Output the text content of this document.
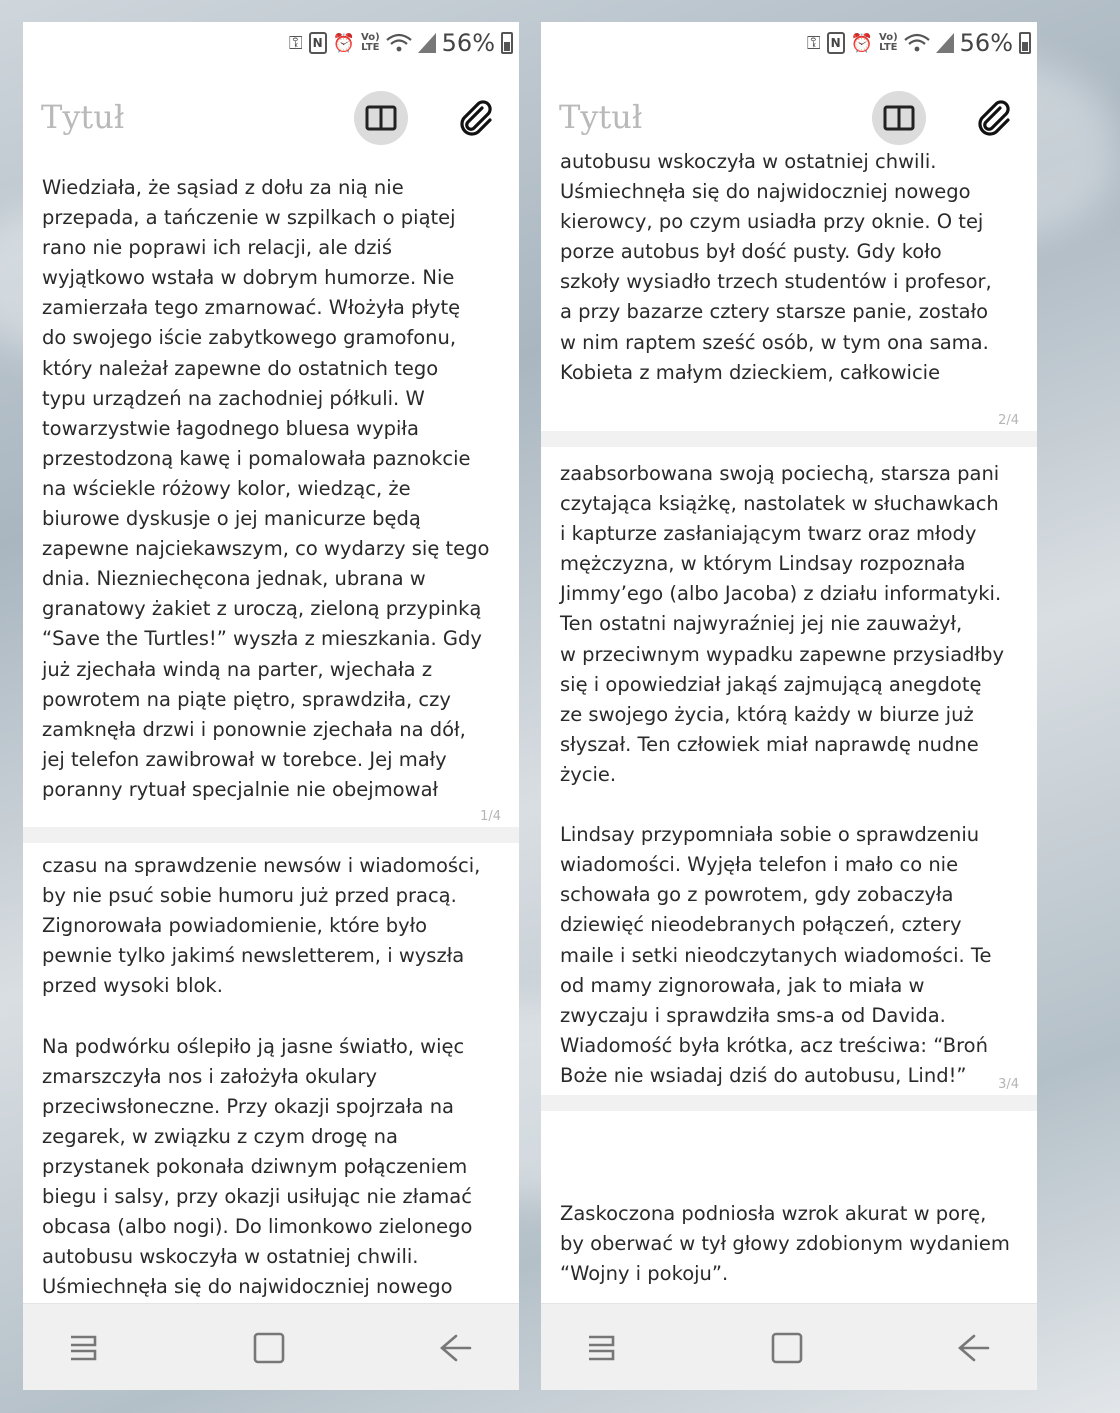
⚿ N ⏰ Vo)
LTE	56%
Tytuł
Wiedziała, że sąsiad z dołu za nią nie
przepada, a tańczenie w szpilkach o piątej
rano nie poprawi ich relacji, ale dziś
wyjątkowo wstała w dobrym humorze. Nie
zamierzała tego zmarnować. Włożyła płytę
do swojego iście zabytkowego gramofonu,
który należał zapewne do ostatnich tego
typu urządzeń na zachodniej półkuli. W
towarzystwie łagodnego bluesa wypiła
przestodzoną kawę i pomalowała paznokcie
na wściekle różowy kolor, wiedząc, że
biurowe dyskusje o jej manicurze będą
zapewne najciekawszym, co wydarzy się tego
dnia. Niezniechęcona jednak, ubrana w
granatowy żakiet z uroczą, zieloną przypinką
“Save the Turtles!” wyszła z mieszkania. Gdy
już zjechała windą na parter, wjechała z
powrotem na piąte piętro, sprawdziła, czy
zamknęła drzwi i ponownie zjechała na dół,
jej telefon zawibrował w torebce. Jej mały
poranny rytuał specjalnie nie obejmował
1/4
czasu na sprawdzenie newsów i wiadomości,
by nie psuć sobie humoru już przed pracą.
Zignorowała powiadomienie, które było
pewnie tylko jakimś newsletterem, i wyszła
przed wysoki blok.

Na podwórku oślepiło ją jasne światło, więc
zmarszczyła nos i założyła okulary
przeciwsłoneczne. Przy okazji spojrzała na
zegarek, w związku z czym drogę na
przystanek pokonała dziwnym połączeniem
biegu i salsy, przy okazji usiłując nie złamać
obcasa (albo nogi). Do limonkowo zielonego
autobusu wskoczyła w ostatniej chwili.
Uśmiechnęła się do najwidoczniej nowego
⚿ N ⏰ Vo)
LTE	56%
Tytuł
autobusu wskoczyła w ostatniej chwili.
Uśmiechnęła się do najwidoczniej nowego
kierowcy, po czym usiadła przy oknie. O tej
porze autobus był dość pusty. Gdy koło
szkoły wysiadło trzech studentów i profesor,
a przy bazarze cztery starsze panie, zostało
w nim raptem sześć osób, w tym ona sama.
Kobieta z małym dzieckiem, całkowicie
2/4
zaabsorbowana swoją pociechą, starsza pani
czytająca książkę, nastolatek w słuchawkach
i kapturze zasłaniającym twarz oraz młody
mężczyzna, w którym Lindsay rozpoznała
Jimmy’ego (albo Jacoba) z działu informatyki.
Ten ostatni najwyraźniej jej nie zauważył,
w przeciwnym wypadku zapewne przysiadłby
się i opowiedział jakąś zajmującą anegdotę
ze swojego życia, którą każdy w biurze już
słyszał. Ten człowiek miał naprawdę nudne
życie.

Lindsay przypomniała sobie o sprawdzeniu
wiadomości. Wyjęła telefon i mało co nie
schowała go z powrotem, gdy zobaczyła
dziewięć nieodebranych połączeń, cztery
maile i setki nieodczytanych wiadomości. Te
od mamy zignorowała, jak to miała w
zwyczaju i sprawdziła sms-a od Davida.
Wiadomość była krótka, acz treściwa: “Broń
Boże nie wsiadaj dziś do autobusu, Lind!”	3/4
Zaskoczona podniosła wzrok akurat w porę,
by oberwać w tył głowy zdobionym wydaniem
“Wojny i pokoju”.
